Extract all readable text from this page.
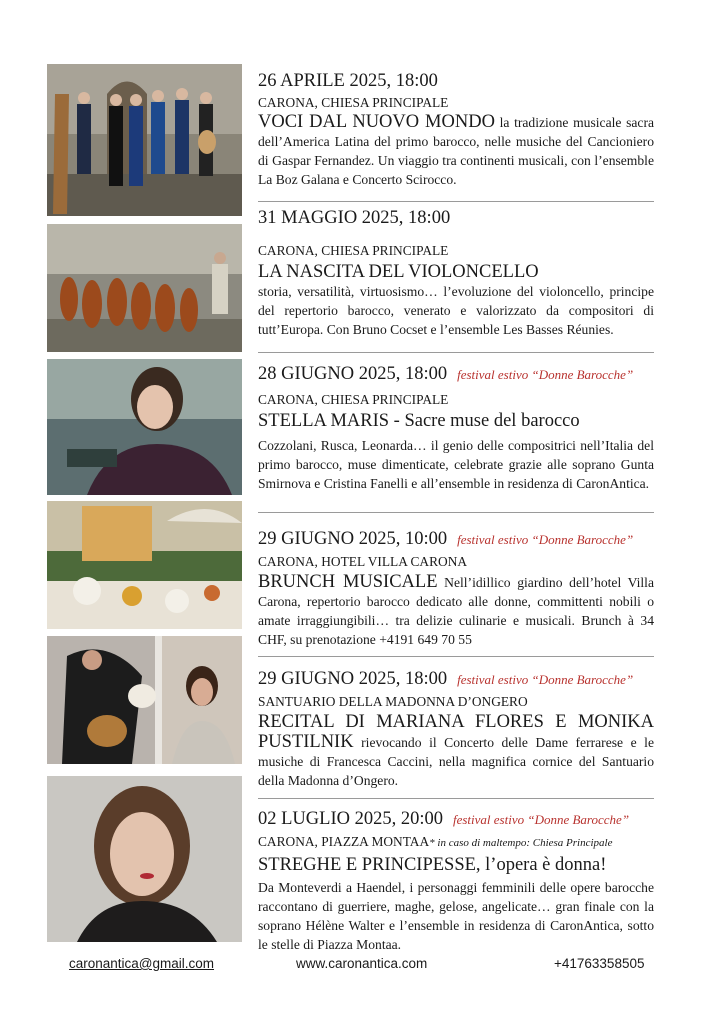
26 APRILE 2025, 18:00
CARONA, CHIESA PRINCIPALE
VOCI DAL NUOVO MONDO la tradizione musicale sacra dell’America Latina del primo barocco, nelle musiche del Cancioniero di Gaspar Fernandez. Un viaggio tra continenti musicali, con l’ensemble La Boz Galana e Concerto Scirocco.
31 MAGGIO 2025, 18:00
CARONA, CHIESA PRINCIPALE
LA NASCITA DEL VIOLONCELLO
storia, versatilità, virtuosismo… l’evoluzione del violoncello, principe del repertorio barocco, venerato e valorizzato da compositori di tutt’Europa. Con Bruno Cocset e l’ensemble Les Basses Réunies.
28 GIUGNO 2025, 18:00 festival estivo “Donne Barocche”
CARONA, CHIESA PRINCIPALE
STELLA MARIS - Sacre muse del barocco
Cozzolani, Rusca, Leonarda… il genio delle compositrici nell’Italia del primo barocco, muse dimenticate, celebrate grazie alle soprano Gunta Smirnova e Cristina Fanelli e all’ensemble in residenza di CaronAntica.
29 GIUGNO 2025, 10:00 festival estivo “Donne Barocche”
CARONA, HOTEL VILLA CARONA
BRUNCH MUSICALE Nell’idillico giardino dell’hotel Villa Carona, repertorio barocco dedicato alle donne, committenti nobili o amate irraggiungibili… tra delizie culinarie e musicali. Brunch à 34 CHF, su prenotazione +4191 649 70 55
29 GIUGNO 2025, 18:00 festival estivo “Donne Barocche”
SANTUARIO DELLA MADONNA D’ONGERO
RECITAL DI MARIANA FLORES E MONIKA PUSTILNIK rievocando il Concerto delle Dame ferrarese e le musiche di Francesca Caccini, nella magnifica cornice del Santuario della Madonna d’Ongero.
02 LUGLIO 2025, 20:00 festival estivo “Donne Barocche”
CARONA, PIAZZA MONTAA* in caso di maltempo: Chiesa Principale
STREGHE E PRINCIPESSE, l’opera è donna!
Da Monteverdi a Haendel, i personaggi femminili delle opere barocche raccontano di guerriere, maghe, gelose, angelicate… gran finale con la soprano Hélène Walter e l’ensemble in residenza di CaronAntica, sotto le stelle di Piazza Montaa.
caronantica@gmail.com	www.caronantica.com	+41763358505
